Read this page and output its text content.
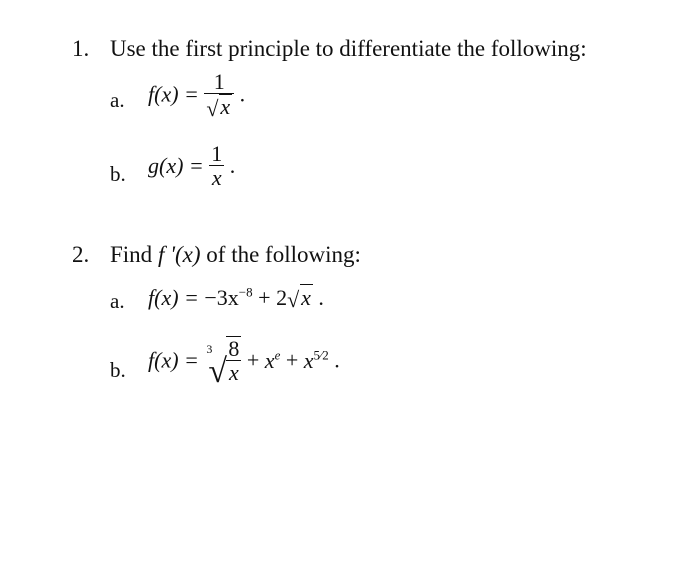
1. Use the first principle to differentiate the following:
a. $f(x) = \frac{1}{√ x}$ .
b. $g(x) = \frac{1}{x}$ .
2. Find f '(x) of the following:
a. $f(x) = -3x^{-8} + 2$ √ x .
b. f(x) = 3
√ $\frac{8}{x} + x^e + x^{5⁄2}$ .
